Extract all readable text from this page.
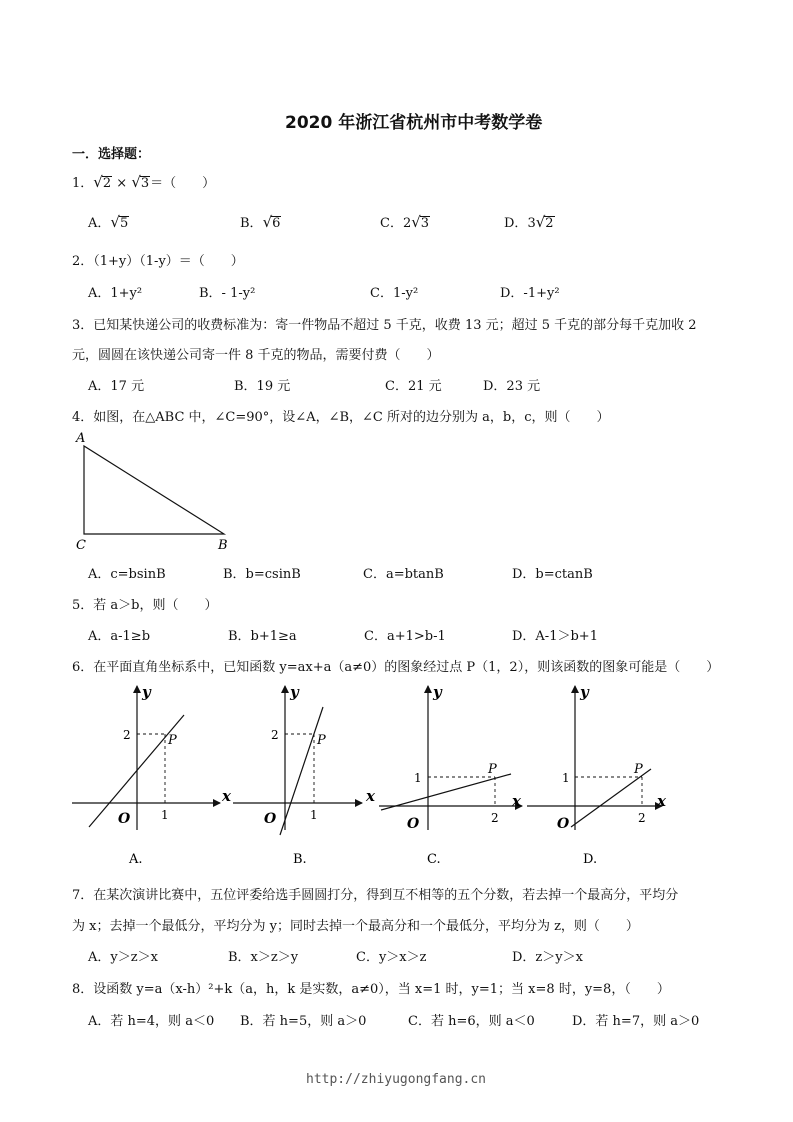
2020 年浙江省杭州市中考数学卷
一．选择题：
1．√2 × √3＝（　　）
A．√5	B．√6	C．2√3	D．3√2
2．（1+y）（1-y）＝（　　）
A．1+y²	B．- 1-y²	C．1-y²	D．-1+y²
3．已知某快递公司的收费标准为：寄一件物品不超过 5 千克，收费 13 元；超过 5 千克的部分每千克加收 2
元，圆圆在该快递公司寄一件 8 千克的物品，需要付费（　　）
A．17 元	B．19 元	C．21 元	D．23 元
4．如图，在△ABC 中，∠C=90°，设∠A，∠B，∠C 所对的边分别为 a，b，c，则（　　）
A
C	B
A．c=bsinB	B．b=csinB	C．a=btanB	D．b=ctanB
5．若 a＞b，则（　　）
A．a-1≥b	B．b+1≥a	C．a+1>b-1	D．A-1＞b+1
6．在平面直角坐标系中，已知函数 y=ax+a（a≠0）的图象经过点 P（1，2），则该函数的图象可能是（　　）
y
x
O
P
2
1
A.
y
x
O
P
2
1
B.
y
x
O
P
1
2
C.
y
x
O
P
1
2
D.
7．在某次演讲比赛中，五位评委给选手圆圆打分，得到互不相等的五个分数，若去掉一个最高分，平均分
为 x；去掉一个最低分，平均分为 y；同时去掉一个最高分和一个最低分，平均分为 z，则（　　）
A．y＞z＞x	B．x＞z＞y	C．y＞x＞z	D．z＞y＞x
8．设函数 y=a（x-h）²+k（a，h，k 是实数，a≠0），当 x=1 时，y=1；当 x=8 时，y=8，（　　）
A．若 h=4，则 a＜0 B．若 h=5，则 a＞0	C．若 h=6，则 a＜0	D．若 h=7，则 a＞0
http://zhiyugongfang.cn
